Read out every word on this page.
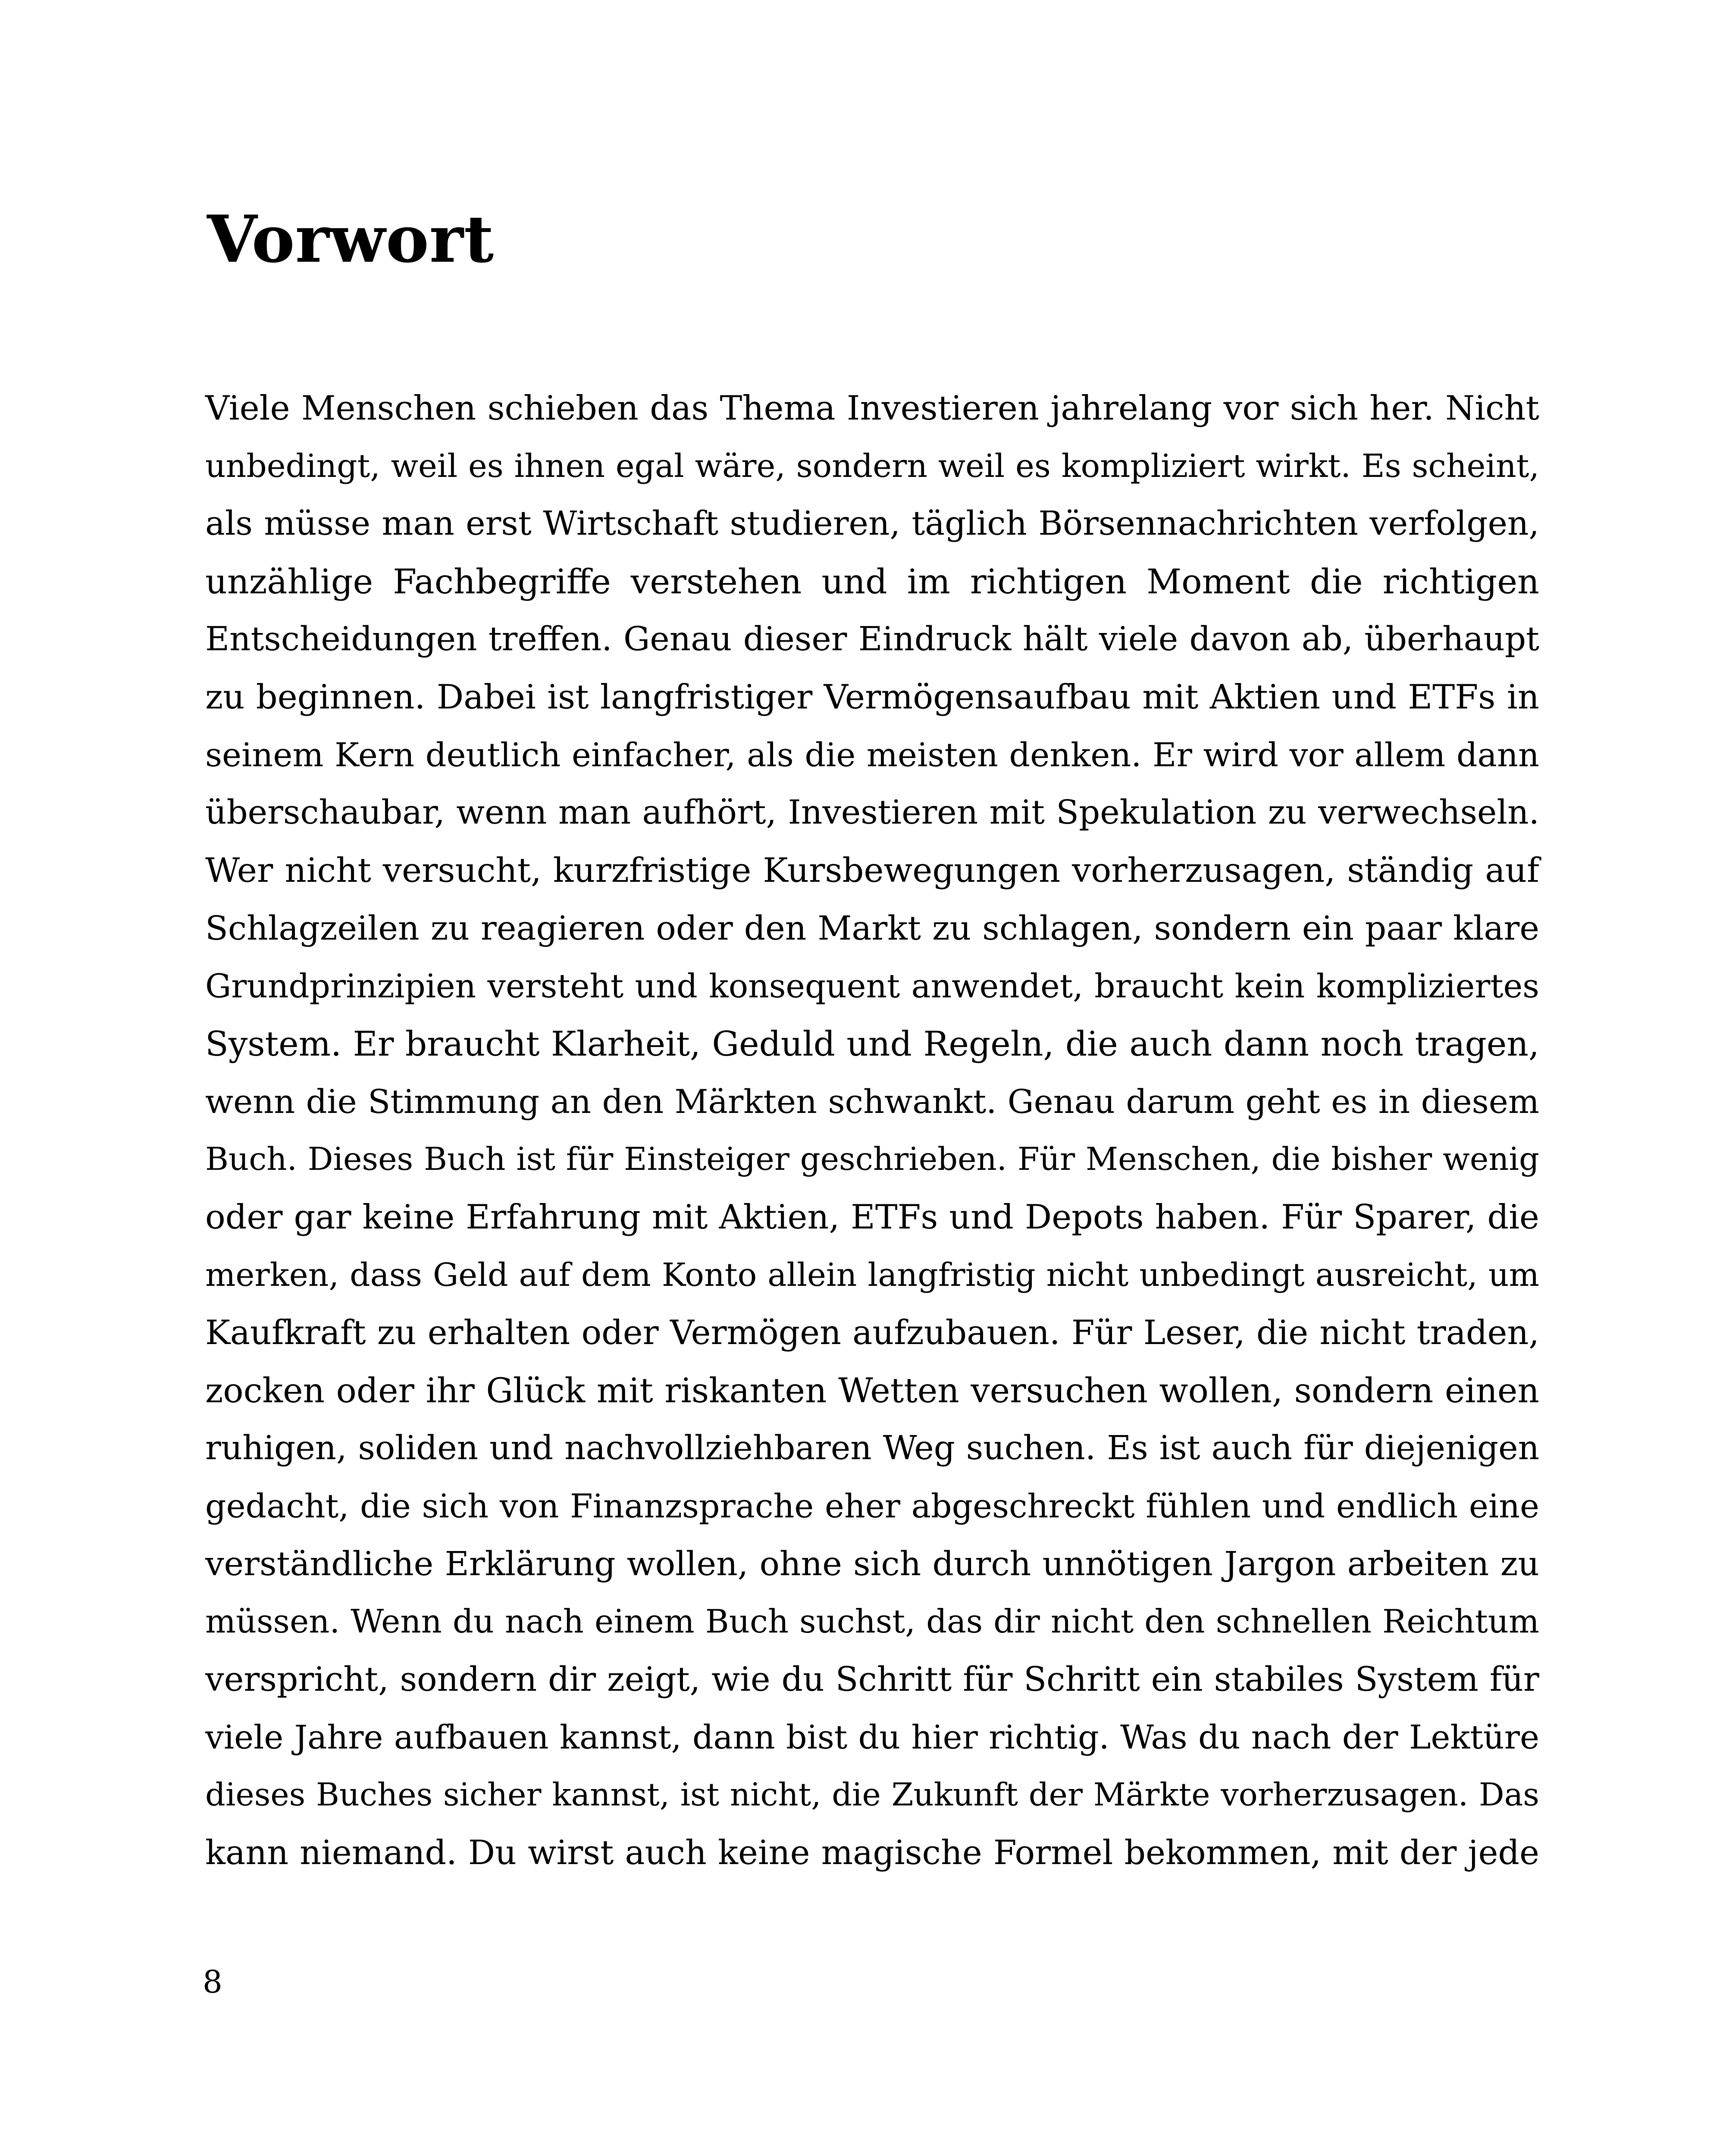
Vorwort
Viele Menschen schieben das Thema Investieren jahrelang vor sich her. Nicht
unbedingt, weil es ihnen egal wäre, sondern weil es kompliziert wirkt. Es scheint,
als müsse man erst Wirtschaft studieren, täglich Börsennachrichten verfolgen,
unzählige Fachbegriffe verstehen und im richtigen Moment die richtigen
Entscheidungen treffen. Genau dieser Eindruck hält viele davon ab, überhaupt
zu beginnen. Dabei ist langfristiger Vermögensaufbau mit Aktien und ETFs in
seinem Kern deutlich einfacher, als die meisten denken. Er wird vor allem dann
überschaubar, wenn man aufhört, Investieren mit Spekulation zu verwechseln.
Wer nicht versucht, kurzfristige Kursbewegungen vorherzusagen, ständig auf
Schlagzeilen zu reagieren oder den Markt zu schlagen, sondern ein paar klare
Grundprinzipien versteht und konsequent anwendet, braucht kein kompliziertes
System. Er braucht Klarheit, Geduld und Regeln, die auch dann noch tragen,
wenn die Stimmung an den Märkten schwankt. Genau darum geht es in diesem
Buch. Dieses Buch ist für Einsteiger geschrieben. Für Menschen, die bisher wenig
oder gar keine Erfahrung mit Aktien, ETFs und Depots haben. Für Sparer, die
merken, dass Geld auf dem Konto allein langfristig nicht unbedingt ausreicht, um
Kaufkraft zu erhalten oder Vermögen aufzubauen. Für Leser, die nicht traden,
zocken oder ihr Glück mit riskanten Wetten versuchen wollen, sondern einen
ruhigen, soliden und nachvollziehbaren Weg suchen. Es ist auch für diejenigen
gedacht, die sich von Finanzsprache eher abgeschreckt fühlen und endlich eine
verständliche Erklärung wollen, ohne sich durch unnötigen Jargon arbeiten zu
müssen. Wenn du nach einem Buch suchst, das dir nicht den schnellen Reichtum
verspricht, sondern dir zeigt, wie du Schritt für Schritt ein stabiles System für
viele Jahre aufbauen kannst, dann bist du hier richtig. Was du nach der Lektüre
dieses Buches sicher kannst, ist nicht, die Zukunft der Märkte vorherzusagen. Das
kann niemand. Du wirst auch keine magische Formel bekommen, mit der jede
8
